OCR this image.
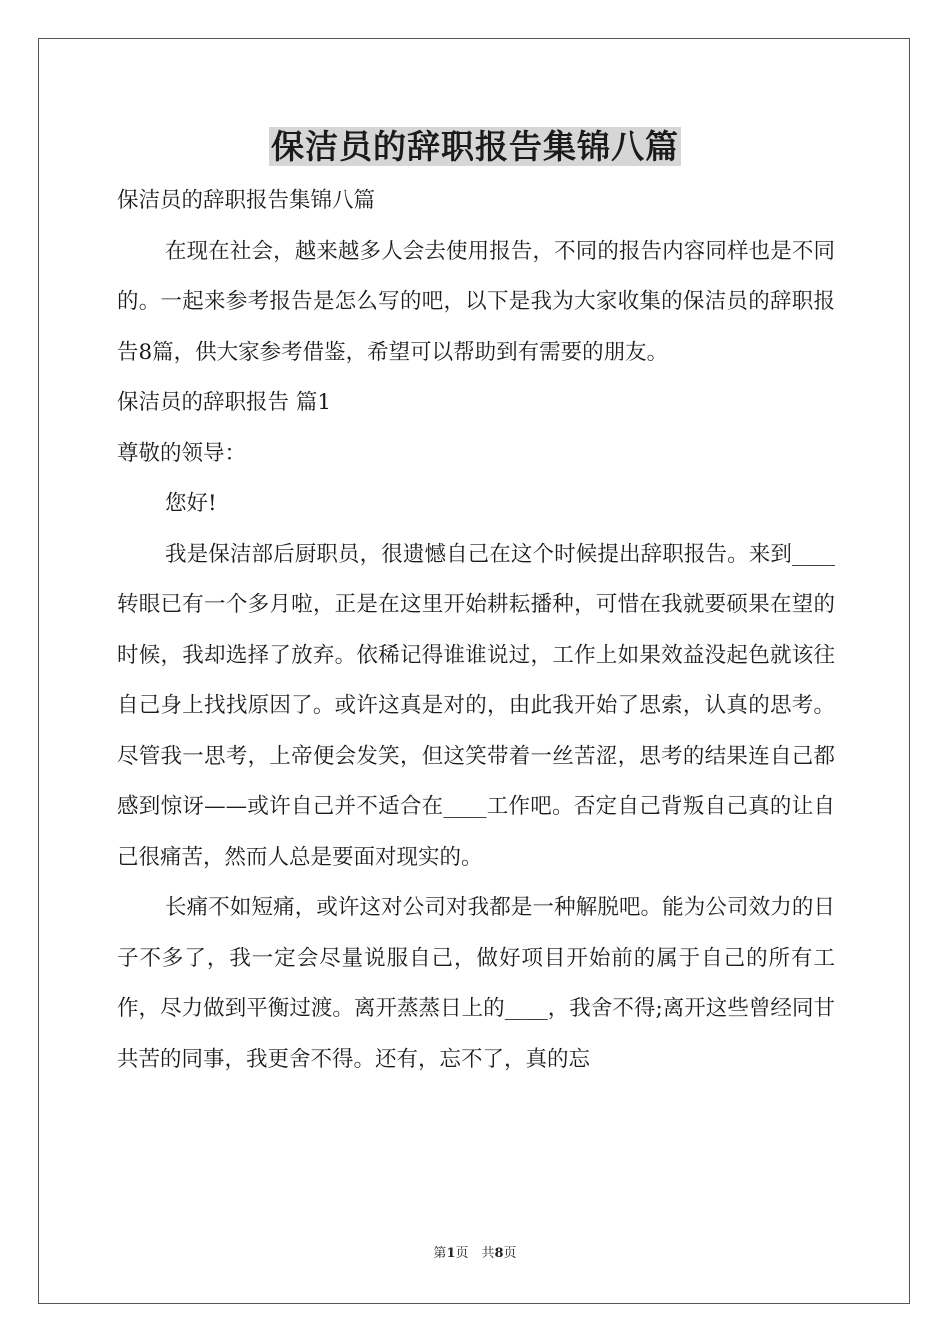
保洁员的辞职报告集锦八篇

保洁员的辞职报告集锦八篇

在现在社会，越来越多人会去使用报告，不同的报告内容同样也是不同的。一起来参考报告是怎么写的吧，以下是我为大家收集的保洁员的辞职报告8篇，供大家参考借鉴，希望可以帮助到有需要的朋友。

保洁员的辞职报告 篇1

尊敬的领导：

您好!

我是保洁部后厨职员，很遗憾自己在这个时候提出辞职报告。来到____转眼已有一个多月啦，正是在这里开始耕耘播种，可惜在我就要硕果在望的时候，我却选择了放弃。依稀记得谁谁说过，工作上如果效益没起色就该往自己身上找找原因了。或许这真是对的，由此我开始了思索，认真的思考。尽管我一思考，上帝便会发笑，但这笑带着一丝苦涩，思考的结果连自己都感到惊讶——或许自己并不适合在____工作吧。否定自己背叛自己真的让自己很痛苦，然而人总是要面对现实的。

长痛不如短痛，或许这对公司对我都是一种解脱吧。能为公司效力的日子不多了，我一定会尽量说服自己，做好项目开始前的属于自己的所有工作，尽力做到平衡过渡。离开蒸蒸日上的____，我舍不得;离开这些曾经同甘共苦的同事，我更舍不得。还有，忘不了，真的忘

第1页　共8页
